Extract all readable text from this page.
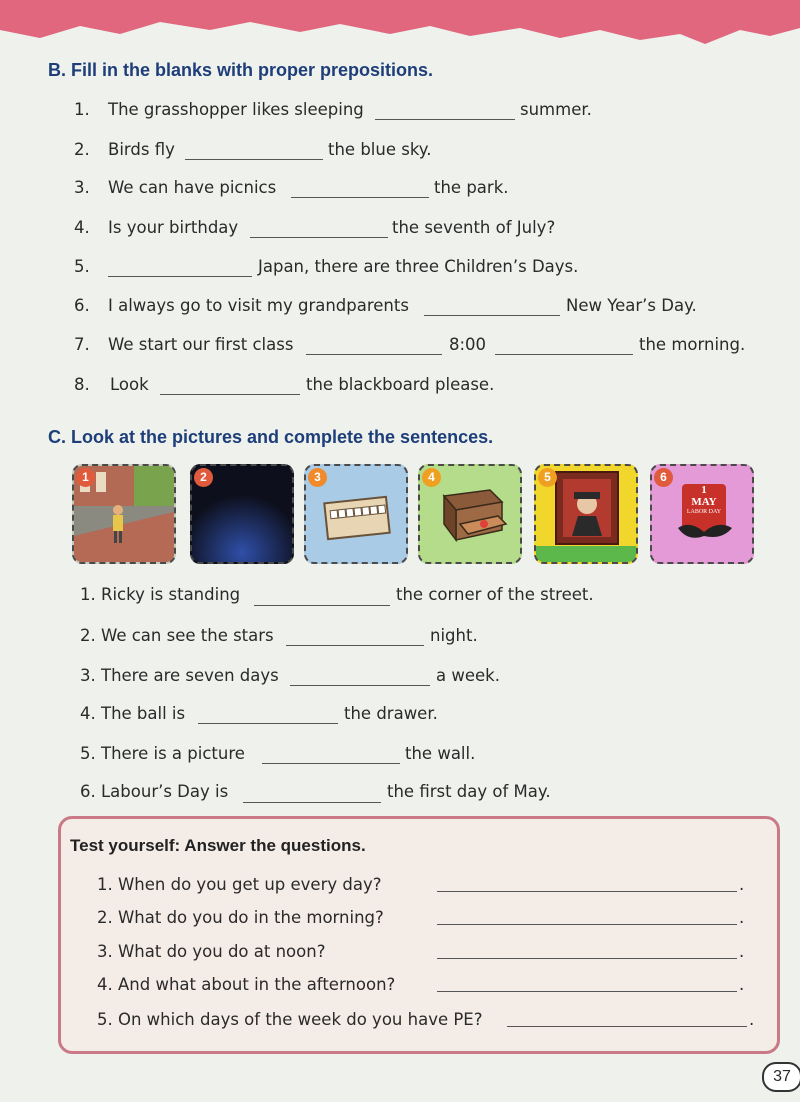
B. Fill in the blanks with proper prepositions.
1. The grasshopper likes sleeping	summer.
2. Birds fly	the blue sky.
3. We can have picnics	the park.
4. Is your birthday	the seventh of July?
5.	Japan, there are three Children’s Days.
6. I always go to visit my grandparents	New Year’s Day.
7. We start our first class	8:00	the morning.
8. Look	the blackboard please.
C. Look at the pictures and complete the sentences.
1	2	3	4	5
1
MAY
LABOR DAY
6
1. Ricky is standing	the corner of the street.
2. We can see the stars	night.
3. There are seven days	a week.
4. The ball is	the drawer.
5. There is a picture	the wall.
6. Labour’s Day is	the first day of May.
Test yourself: Answer the questions.
1. When do you get up every day?	.
2. What do you do in the morning?	.
3. What do you do at noon?	.
4. And what about in the afternoon?	.
5. On which days of the week do you have PE?	.
37
